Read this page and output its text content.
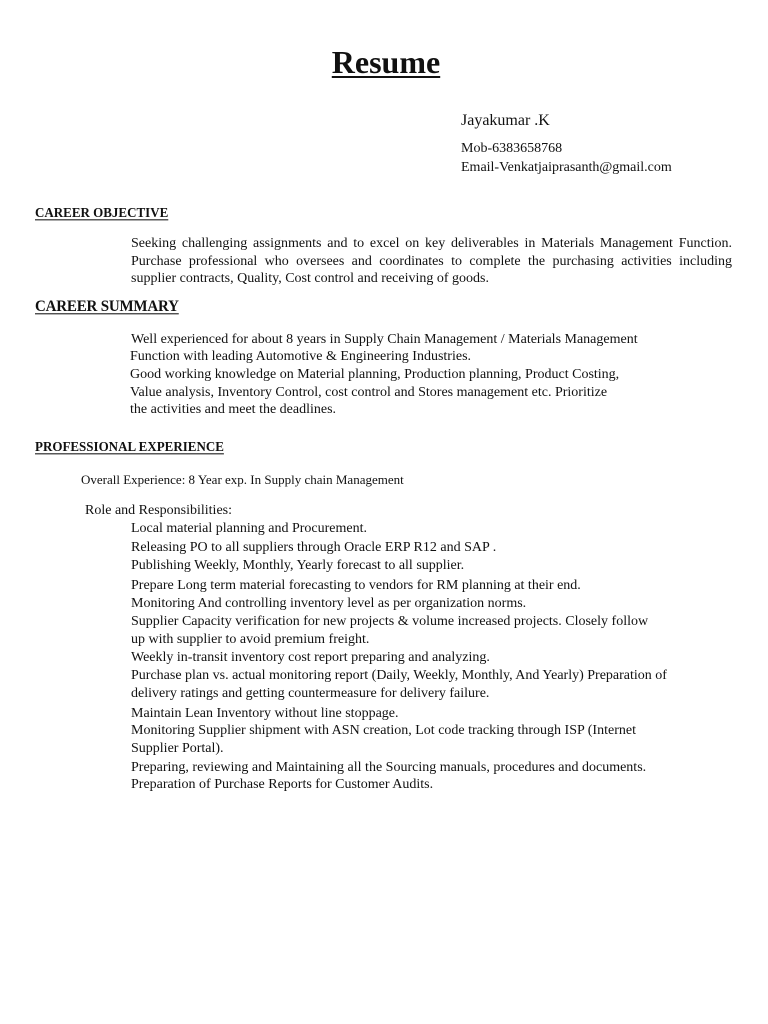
Resume
Jayakumar .K
Mob-6383658768
Email-Venkatjaiprasanth@gmail.com
CAREER OBJECTIVE
Seeking challenging assignments and to excel on key deliverables in Materials Management Function. Purchase professional who oversees and coordinates to complete the purchasing activities including supplier contracts, Quality, Cost control and receiving of goods.
CAREER SUMMARY
Well experienced for about 8 years in Supply Chain Management / Materials Management
Function with leading Automotive & Engineering Industries.
Good working knowledge on Material planning, Production planning, Product Costing,
Value analysis, Inventory Control, cost control and Stores management etc. Prioritize
the activities and meet the deadlines.
PROFESSIONAL EXPERIENCE
Overall Experience: 8 Year exp. In Supply chain Management
Role and Responsibilities:
Local material planning and Procurement.
Releasing PO to all suppliers through Oracle ERP R12 and SAP .
Publishing Weekly, Monthly, Yearly forecast to all supplier.
Prepare Long term material forecasting to vendors for RM planning at their end.
Monitoring And controlling inventory level as per organization norms.
Supplier Capacity verification for new projects & volume increased projects. Closely follow
up with supplier to avoid premium freight.
Weekly in-transit inventory cost report preparing and analyzing.
Purchase plan vs. actual monitoring report (Daily, Weekly, Monthly, And Yearly) Preparation of
delivery ratings and getting countermeasure for delivery failure.
Maintain Lean Inventory without line stoppage.
Monitoring Supplier shipment with ASN creation, Lot code tracking through ISP (Internet
Supplier Portal).
Preparing, reviewing and Maintaining all the Sourcing manuals, procedures and documents.
Preparation of Purchase Reports for Customer Audits.
